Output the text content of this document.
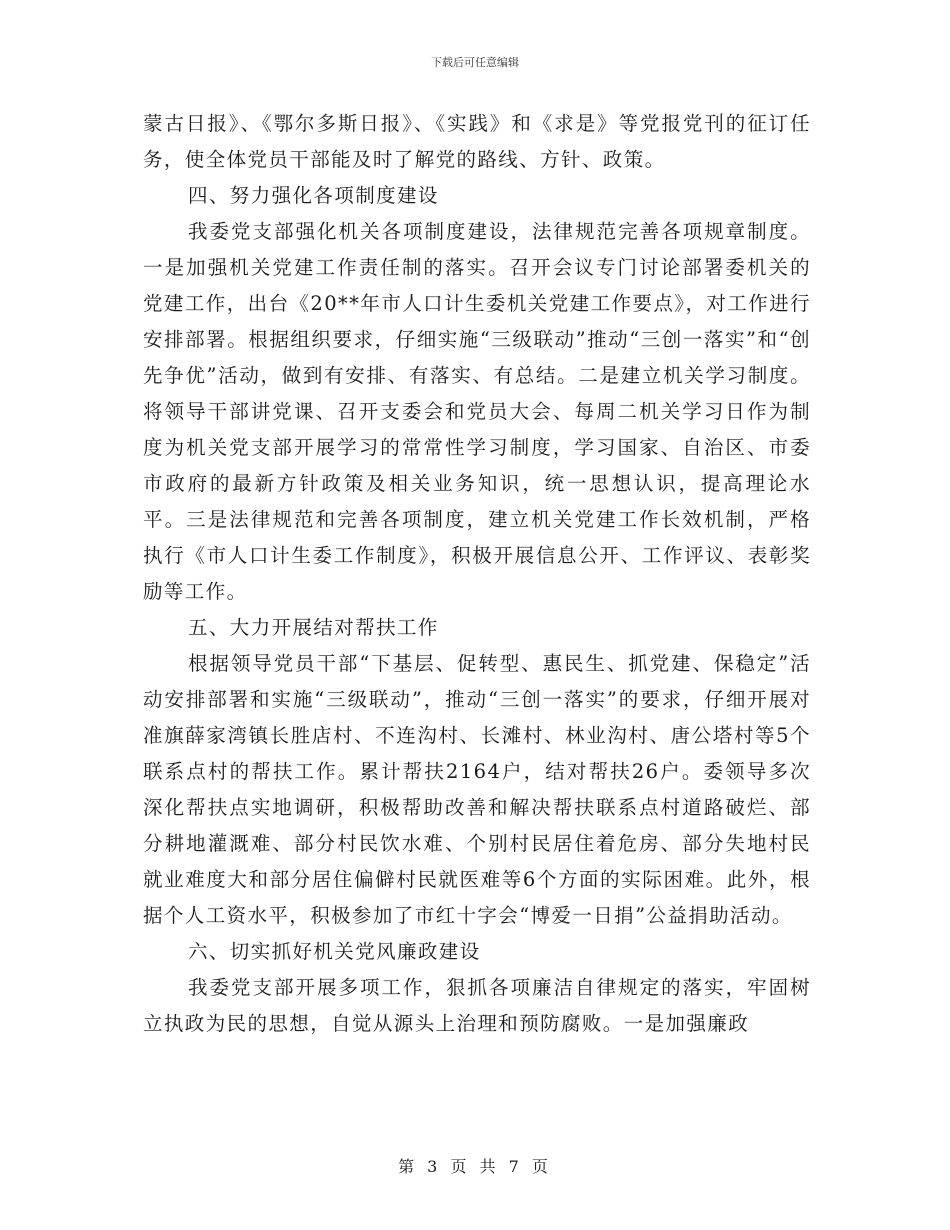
下载后可任意编辑

蒙古日报》、《鄂尔多斯日报》、《实践》和《求是》等党报党刊的征订任务，使全体党员干部能及时了解党的路线、方针、政策。

四、努力强化各项制度建设

我委党支部强化机关各项制度建设，法律规范完善各项规章制度。一是加强机关党建工作责任制的落实。召开会议专门讨论部署委机关的党建工作，出台《20**年市人口计生委机关党建工作要点》，对工作进行安排部署。根据组织要求，仔细实施“三级联动”推动“三创一落实”和“创先争优”活动，做到有安排、有落实、有总结。二是建立机关学习制度。将领导干部讲党课、召开支委会和党员大会、每周二机关学习日作为制度为机关党支部开展学习的常常性学习制度，学习国家、自治区、市委市政府的最新方针政策及相关业务知识，统一思想认识，提高理论水平。三是法律规范和完善各项制度，建立机关党建工作长效机制，严格执行《市人口计生委工作制度》，积极开展信息公开、工作评议、表彰奖励等工作。

五、大力开展结对帮扶工作

根据领导党员干部“下基层、促转型、惠民生、抓党建、保稳定”活动安排部署和实施“三级联动”，推动“三创一落实”的要求，仔细开展对准旗薛家湾镇长胜店村、不连沟村、长滩村、林业沟村、唐公塔村等5个联系点村的帮扶工作。累计帮扶2164户，结对帮扶26户。委领导多次深化帮扶点实地调研，积极帮助改善和解决帮扶联系点村道路破烂、部分耕地灌溉难、部分村民饮水难、个别村民居住着危房、部分失地村民就业难度大和部分居住偏僻村民就医难等6个方面的实际困难。此外，根据个人工资水平，积极参加了市红十字会“博爱一日捐”公益捐助活动。

六、切实抓好机关党风廉政建设

我委党支部开展多项工作，狠抓各项廉洁自律规定的落实，牢固树立执政为民的思想，自觉从源头上治理和预防腐败。一是加强廉政

第 3 页 共 7 页
